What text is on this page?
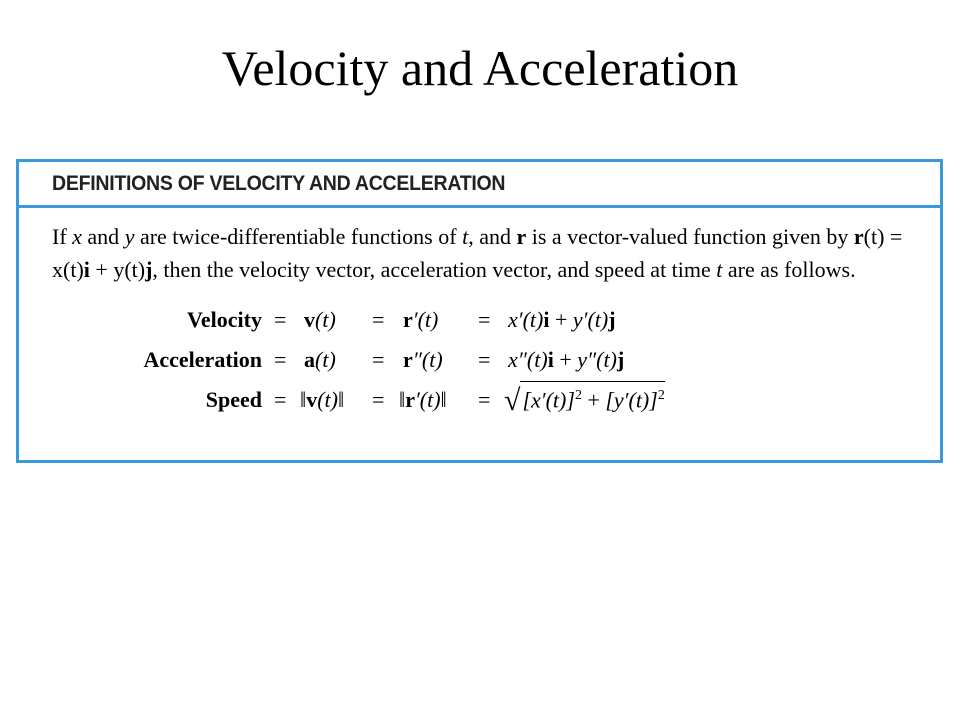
Velocity and Acceleration
DEFINITIONS OF VELOCITY AND ACCELERATION
If x and y are twice-differentiable functions of t, and r is a vector-valued function given by r(t) = x(t)i + y(t)j, then the velocity vector, acceleration vector, and speed at time t are as follows.
Velocity = v(t) = r′(t) = x′(t)i + y′(t)j
Acceleration = a(t) = r″(t) = x″(t)i + y″(t)j
Speed = ‖v(t)‖ = ‖r′(t)‖ = $√[x'(t)]^2 + [y'(t)]^2$
